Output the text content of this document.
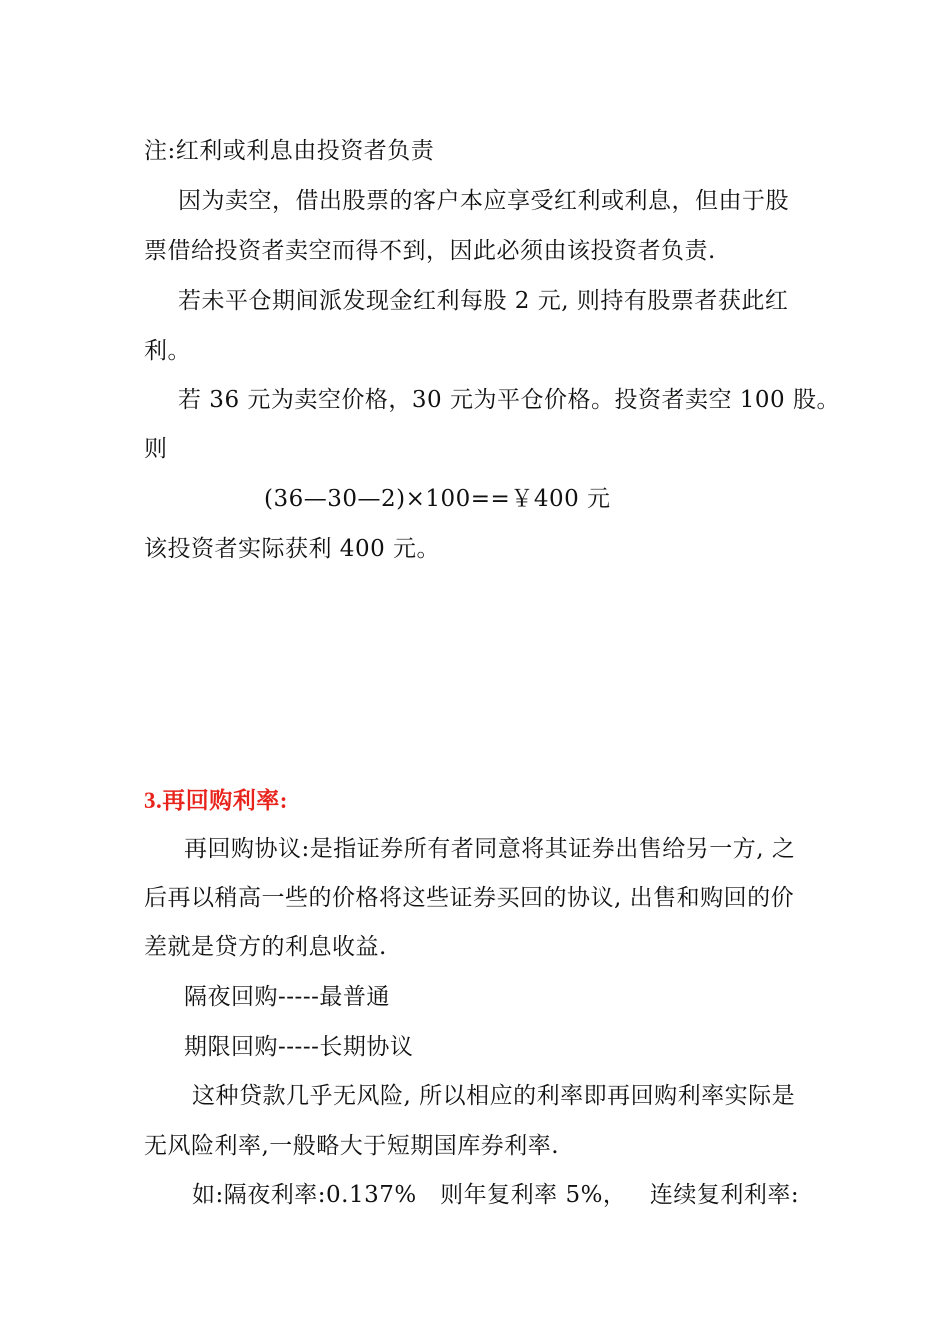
注:红利或利息由投资者负责
因为卖空，借出股票的客户本应享受红利或利息，但由于股
票借给投资者卖空而得不到，因此必须由该投资者负责.
若未平仓期间派发现金红利每股 2 元, 则持有股票者获此红
利。
若 36 元为卖空价格，30 元为平仓价格。投资者卖空 100 股。
则
(36—30—2)×100==￥400 元
该投资者实际获利 400 元。
3.再回购利率:
再回购协议:是指证券所有者同意将其证券出售给另一方, 之
后再以稍高一些的价格将这些证券买回的协议, 出售和购回的价
差就是贷方的利息收益.
隔夜回购-----最普通
期限回购-----长期协议
这种贷款几乎无风险, 所以相应的利率即再回购利率实际是
无风险利率,一般略大于短期国库券利率.
如:隔夜利率:0.137%   则年复利率 5%，   连续复利利率:
